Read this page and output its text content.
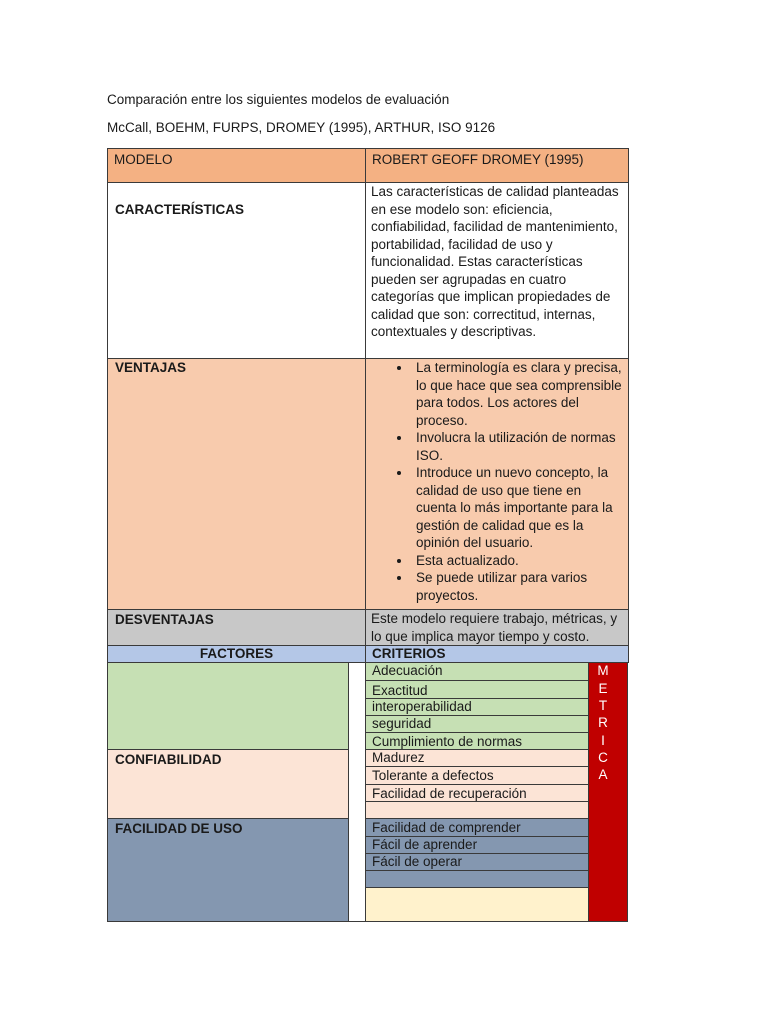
Comparación entre los siguientes modelos de evaluación
McCall, BOEHM, FURPS, DROMEY (1995), ARTHUR, ISO 9126
MODELO	ROBERT GEOFF DROMEY (1995)
CARACTERÍSTICAS
Las características de calidad planteadas en ese modelo son: eficiencia, confiabilidad, facilidad de mantenimiento, portabilidad, facilidad de uso y funcionalidad. Estas características pueden ser agrupadas en cuatro categorías que implican propiedades de calidad que son: correctitud, internas, contextuales y descriptivas.
VENTAJAS
•	La terminología es clara y precisa, lo que hace que sea comprensible para todos. Los actores del proceso.
• Involucra la utilización de normas ISO.
• Introduce un nuevo concepto, la calidad de uso que tiene en cuenta lo más importante para la gestión de calidad que es la opinión del usuario.
• Esta actualizado.
• Se puede utilizar para varios proyectos.
DESVENTAJAS	Este modelo requiere trabajo, métricas, y lo que implica mayor tiempo y costo.
FACTORES	CRITERIOS
CONFIABILIDAD
FACILIDAD DE USO
Adecuación
Exactitud
interoperabilidad
seguridad
Cumplimiento de normas
Madurez
Tolerante a defectos
Facilidad de recuperación
Facilidad de comprender
Fácil de aprender
Fácil de operar
M
E
T
R
I
C
A
